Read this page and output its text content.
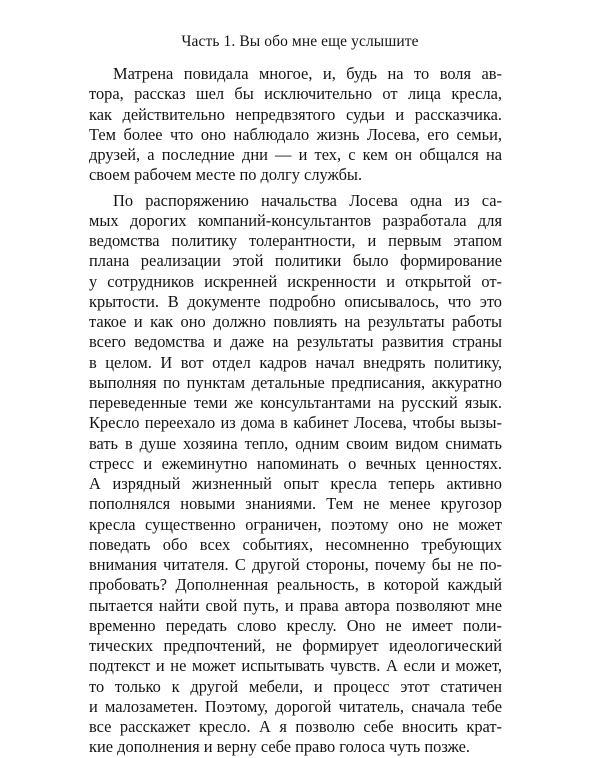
Часть 1. Вы обо мне еще услышите
Матрена повидала многое, и, будь на то воля ав-
тора, рассказ шел бы исключительно от лица кресла,
как действительно непредвзятого судьи и рассказчика.
Тем более что оно наблюдало жизнь Лосева, его семьи,
друзей, а последние дни — и тех, с кем он общался на
своем рабочем месте по долгу службы.
По распоряжению начальства Лосева одна из са-
мых дорогих компаний-консультантов разработала для
ведомства политику толерантности, и первым этапом
плана реализации этой политики было формирование
у сотрудников искренней искренности и открытой от-
крытости. В документе подробно описывалось, что это
такое и как оно должно повлиять на результаты работы
всего ведомства и даже на результаты развития страны
в целом. И вот отдел кадров начал внедрять политику,
выполняя по пунктам детальные предписания, аккуратно
переведенные теми же консультантами на русский язык.
Кресло переехало из дома в кабинет Лосева, чтобы вызы-
вать в душе хозяина тепло, одним своим видом снимать
стресс и ежеминутно напоминать о вечных ценностях.
А изрядный жизненный опыт кресла теперь активно
пополнялся новыми знаниями. Тем не менее кругозор
кресла существенно ограничен, поэтому оно не может
поведать обо всех событиях, несомненно требующих
внимания читателя. С другой стороны, почему бы не по-
пробовать? Дополненная реальность, в которой каждый
пытается найти свой путь, и права автора позволяют мне
временно передать слово креслу. Оно не имеет поли-
тических предпочтений, не формирует идеологический
подтекст и не может испытывать чувств. А если и может,
то только к другой мебели, и процесс этот статичен
и малозаметен. Поэтому, дорогой читатель, сначала тебе
все расскажет кресло. А я позволю себе вносить крат-
кие дополнения и верну себе право голоса чуть позже.
